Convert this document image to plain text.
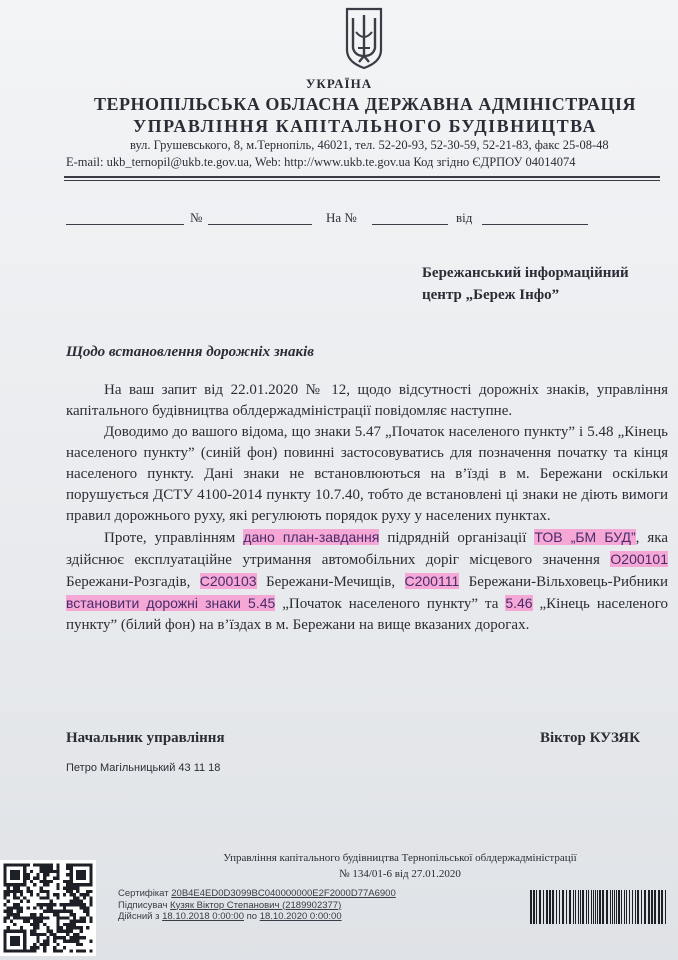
УКРАЇНА
ТЕРНОПІЛЬСЬКА ОБЛАСНА ДЕРЖАВНА АДМІНІСТРАЦІЯ
УПРАВЛІННЯ КАПІТАЛЬНОГО БУДІВНИЦТВА
вул. Грушевського, 8, м.Тернопіль, 46021, тел. 52-20-93, 52-30-59, 52-21-83, факс 25-08-48
E-mail: ukb_ternopil@ukb.te.gov.ua, Web: http://www.ukb.te.gov.ua Код згідно ЄДРПОУ 04014074
№	На №	від
Бережанський інформаційний
центр „Береж Інфо”
Щодо встановлення дорожніх знаків

На ваш запит від 22.01.2020 № 12, щодо відсутності дорожніх знаків, управління капітального будівництва облдержадміністрації повідомляє наступне.

Доводимо до вашого відома, що знаки 5.47 „Початок населеного пункту” і 5.48 „Кінець населеного пункту” (синій фон) повинні застосовуватись для позначення початку та кінця населеного пункту. Дані знаки не встановлюються на в’їзді в м. Бережани оскільки порушується ДСТУ 4100-2014 пункту 10.7.40, тобто де встановлені ці знаки не діють вимоги правил дорожнього руху, які регулюють порядок руху у населених пунктах.

Проте, управлінням дано план-завдання підрядній організації ТОВ „БМ БУД”, яка здійснює експлуатаційне утримання автомобільних доріг місцевого значення О200101 Бережани-Розгадів, С200103 Бережани-Мечищів, С200111 Бережани-Вільховець-Рибники встановити дорожні знаки 5.45 „Початок населеного пункту” та 5.46 „Кінець населеного пункту” (білий фон) на в’їздах в м. Бережани на вище вказаних дорогах.

Начальник управління	Віктор КУЗЯК
Петро Магільницький 43 11 18
Управління капітального будівництва Тернопільської облдержадміністрації
№ 134/01-6 від 27.01.2020
Сертифікат 20B4E4ED0D3099BC040000000E2F2000D77A6900
Підписувач Кузяк Віктор Степанович (2189902377)
Дійсний з 18.10.2018 0:00:00 по 18.10.2020 0:00:00
